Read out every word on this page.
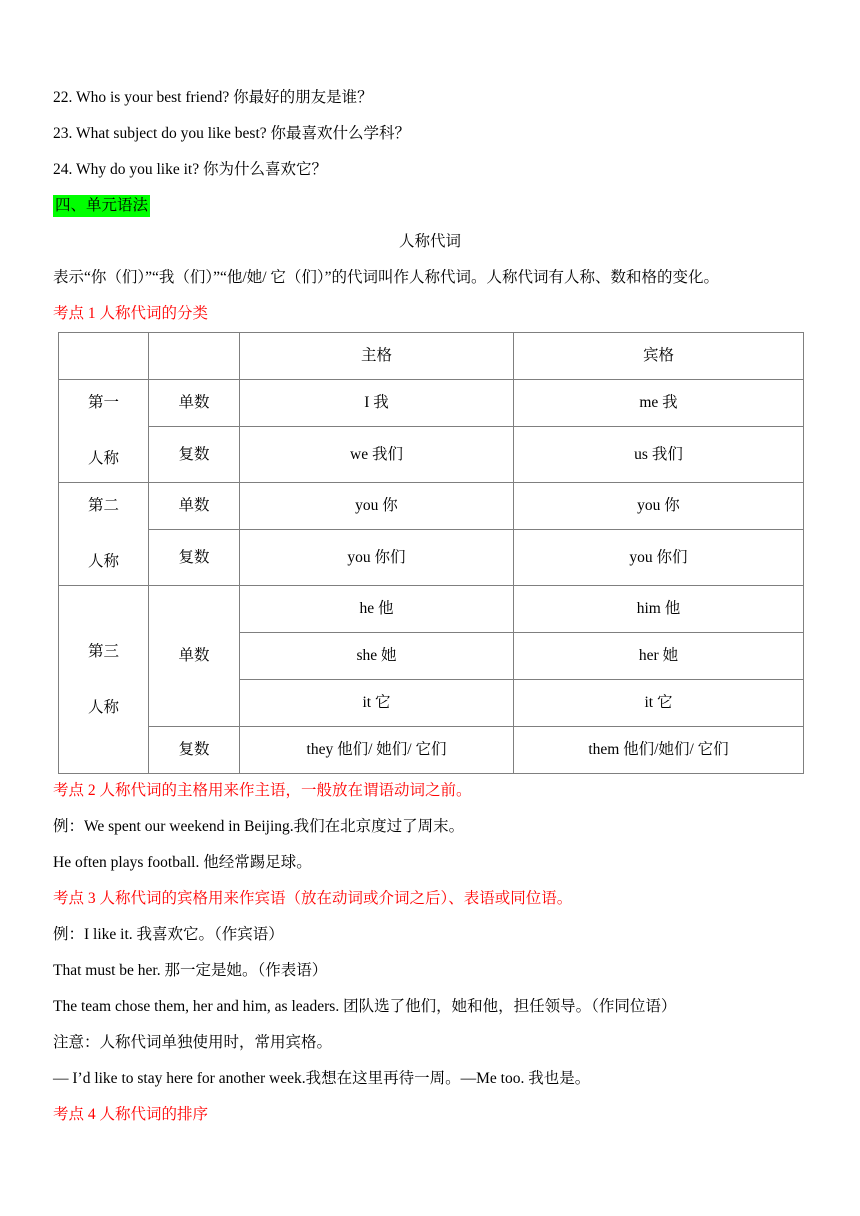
22. Who is your best friend? 你最好的朋友是谁？
23. What subject do you like best? 你最喜欢什么学科？
24. Why do you like it? 你为什么喜欢它？
四、单元语法
人称代词
表示“你（们）”“我（们）”“他/她/ 它（们）”的代词叫作人称代词。人称代词有人称、数和格的变化。
考点 1 人称代词的分类
		主格	宾格

第一
人称	单数	I 我	me 我
	复数	we 我们	us 我们

第二
人称	单数	you 你	you 你
	复数	you 你们	you 你们

第三
人称	单数	he 他	him 他
		she 她	her 她
		it 它	it 它
	复数	they 他们/ 她们/ 它们	them 他们/她们/ 它们
考点 2 人称代词的主格用来作主语，一般放在谓语动词之前。
例：We spent our weekend in Beijing.我们在北京度过了周末。
He often plays football. 他经常踢足球。
考点 3 人称代词的宾格用来作宾语（放在动词或介词之后）、表语或同位语。
例：I like it. 我喜欢它。（作宾语）
That must be her. 那一定是她。（作表语）
The team chose them, her and him, as leaders. 团队选了他们，她和他，担任领导。（作同位语）
注意：人称代词单独使用时，常用宾格。
— I’d like to stay here for another week.我想在这里再待一周。—Me too. 我也是。
考点 4 人称代词的排序
